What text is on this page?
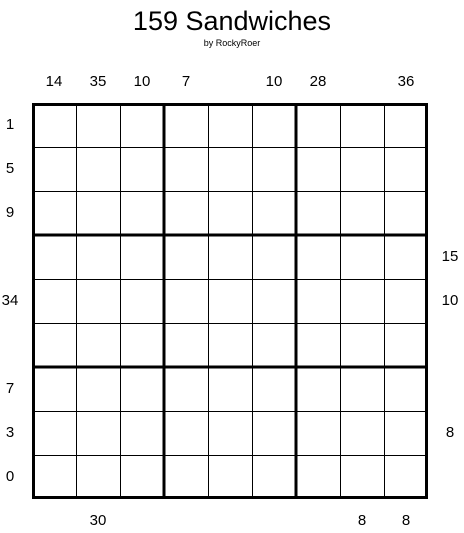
159 Sandwiches
by RockyRoer
14	35	10	7	10	28	36
30	8	8
1
5
9
34
7
3
0
15
10
8
